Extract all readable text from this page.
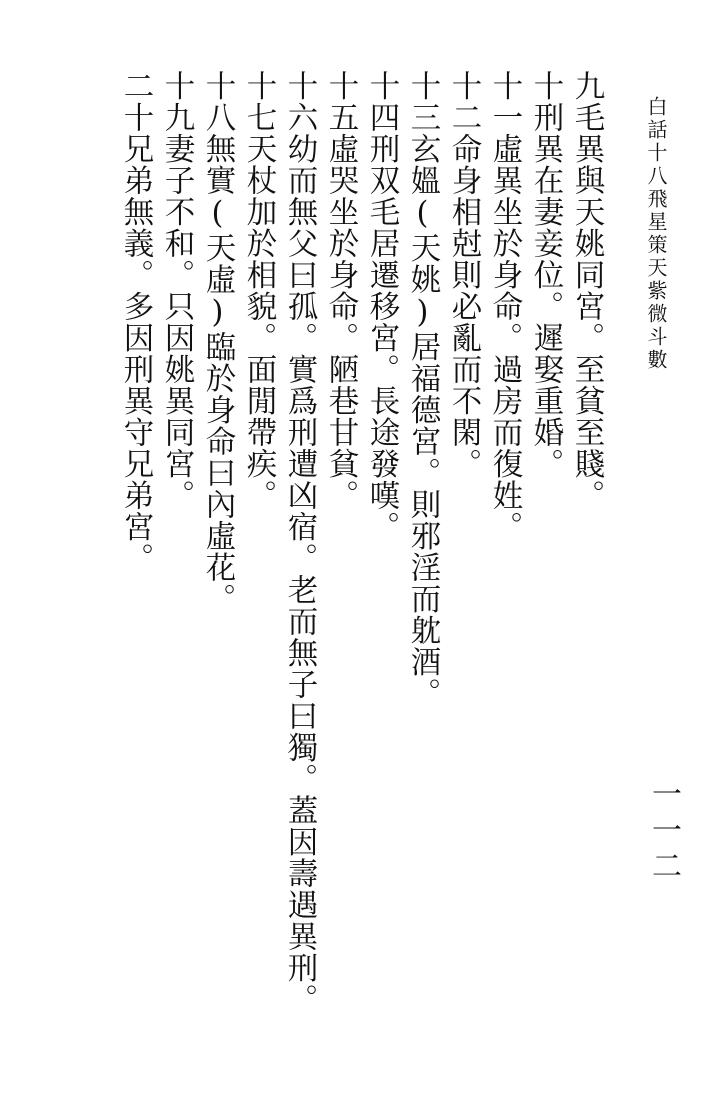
白話十八飛星策天紫微斗數

九毛異與天姚同宮。至貧至賤。

十刑異在妻妾位。遲娶重婚。

十一虛異坐於身命。過房而復姓。

十二命身相尅則必亂而不閑。

十三玄媼(天姚)居福德宮。則邪淫而躭酒。

十四刑双毛居遷移宮。長途發嘆。

十五虛哭坐於身命。陋巷甘貧。

十六幼而無父曰孤。實爲刑遭凶宿。老而無子曰獨。蓋因壽遇異刑。

十七天杖加於相貌。面閒帶疾。

十八無實(天虛)臨於身命曰內虛花。

十九妻子不和。只因姚異同宮。

二十兄弟無義。多因刑異守兄弟宮。

一一二
